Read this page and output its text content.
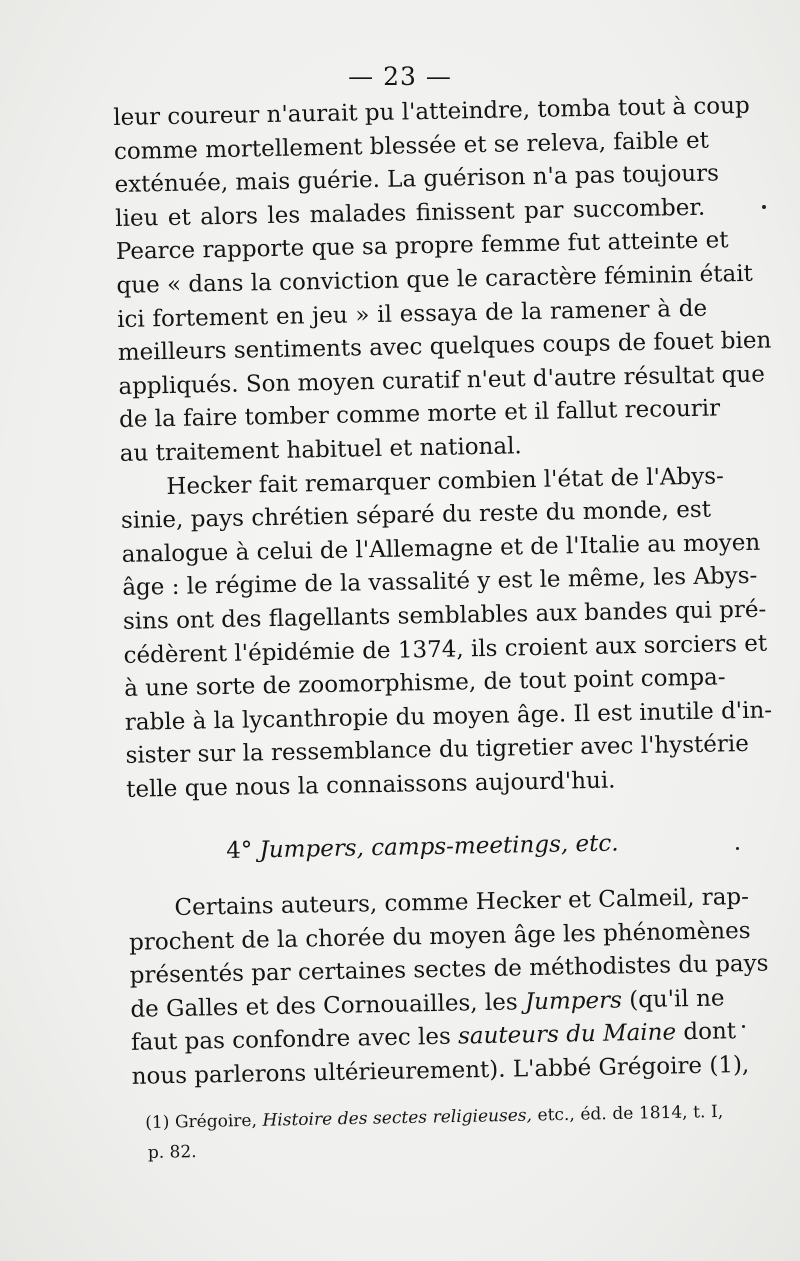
— 23 —
leur coureur n'aurait pu l'atteindre, tomba tout à coup
comme mortellement blessée et se releva, faible et
exténuée, mais guérie. La guérison n'a pas toujours
lieu et alors les malades finissent par succomber.
Pearce rapporte que sa propre femme fut atteinte et
que « dans la conviction que le caractère féminin était
ici fortement en jeu » il essaya de la ramener à de
meilleurs sentiments avec quelques coups de fouet bien
appliqués. Son moyen curatif n'eut d'autre résultat que
de la faire tomber comme morte et il fallut recourir
au traitement habituel et national.
Hecker fait remarquer combien l'état de l'Abys-
sinie, pays chrétien séparé du reste du monde, est
analogue à celui de l'Allemagne et de l'Italie au moyen
âge : le régime de la vassalité y est le même, les Abys-
sins ont des flagellants semblables aux bandes qui pré-
cédèrent l'épidémie de 1374, ils croient aux sorciers et
à une sorte de zoomorphisme, de tout point compa-
rable à la lycanthropie du moyen âge. Il est inutile d'in-
sister sur la ressemblance du tigretier avec l'hystérie
telle que nous la connaissons aujourd'hui.
4° Jumpers, camps-meetings, etc.
Certains auteurs, comme Hecker et Calmeil, rap-
prochent de la chorée du moyen âge les phénomènes
présentés par certaines sectes de méthodistes du pays
de Galles et des Cornouailles, les Jumpers (qu'il ne
faut pas confondre avec les sauteurs du Maine dont
nous parlerons ultérieurement). L'abbé Grégoire (1),
(1) Grégoire, Histoire des sectes religieuses, etc., éd. de 1814, t. I,
p. 82.
